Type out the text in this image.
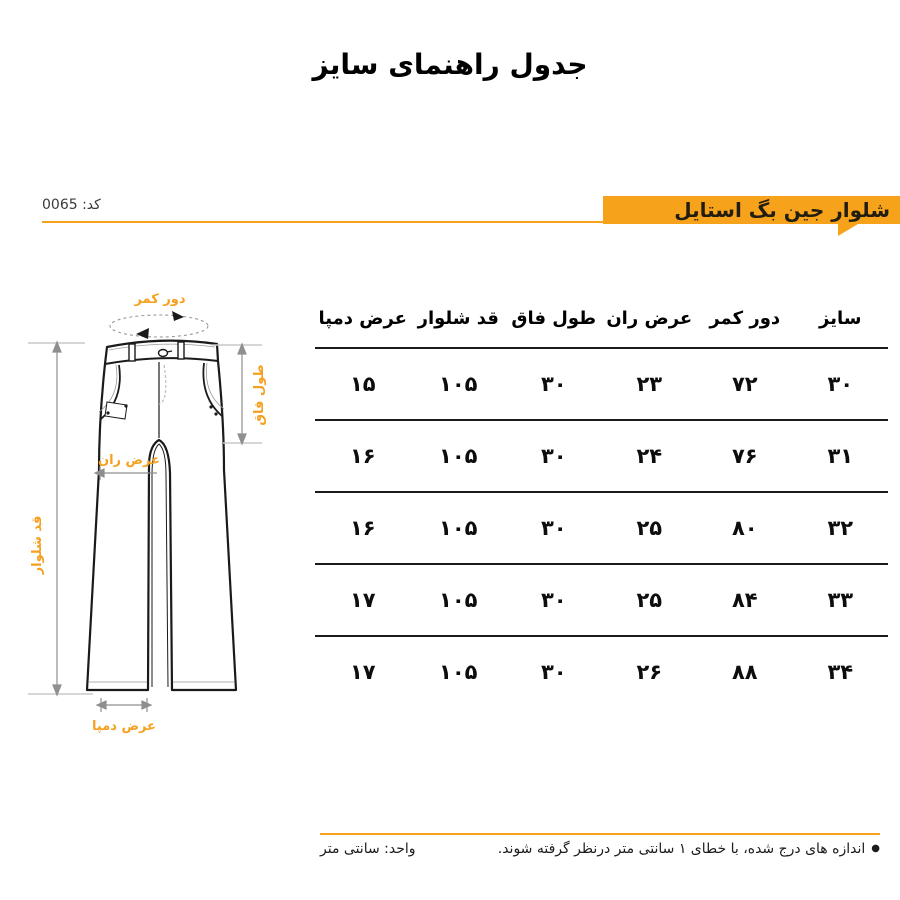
جدول راهنمای سایز
کد: 0065	شلوار جین بگ استایل
دور کمر
قد شلوار
طول فاق
عرض ران
عرض دمپا
سایز
دور کمر
عرض ران
طول فاق
قد شلوار
عرض دمپا
۳۰
۷۲
۲۳
۳۰
۱۰۵
۱۵
۳۱
۷۶
۲۴
۳۰
۱۰۵
۱۶
۳۲
۸۰
۲۵
۳۰
۱۰۵
۱۶
۳۳
۸۴
۲۵
۳۰
۱۰۵
۱۷
۳۴
۸۸
۲۶
۳۰
۱۰۵
۱۷
●
اندازه های درج شده، با خطای ۱ سانتی متر درنظر گرفته شوند.
واحد: سانتی متر
